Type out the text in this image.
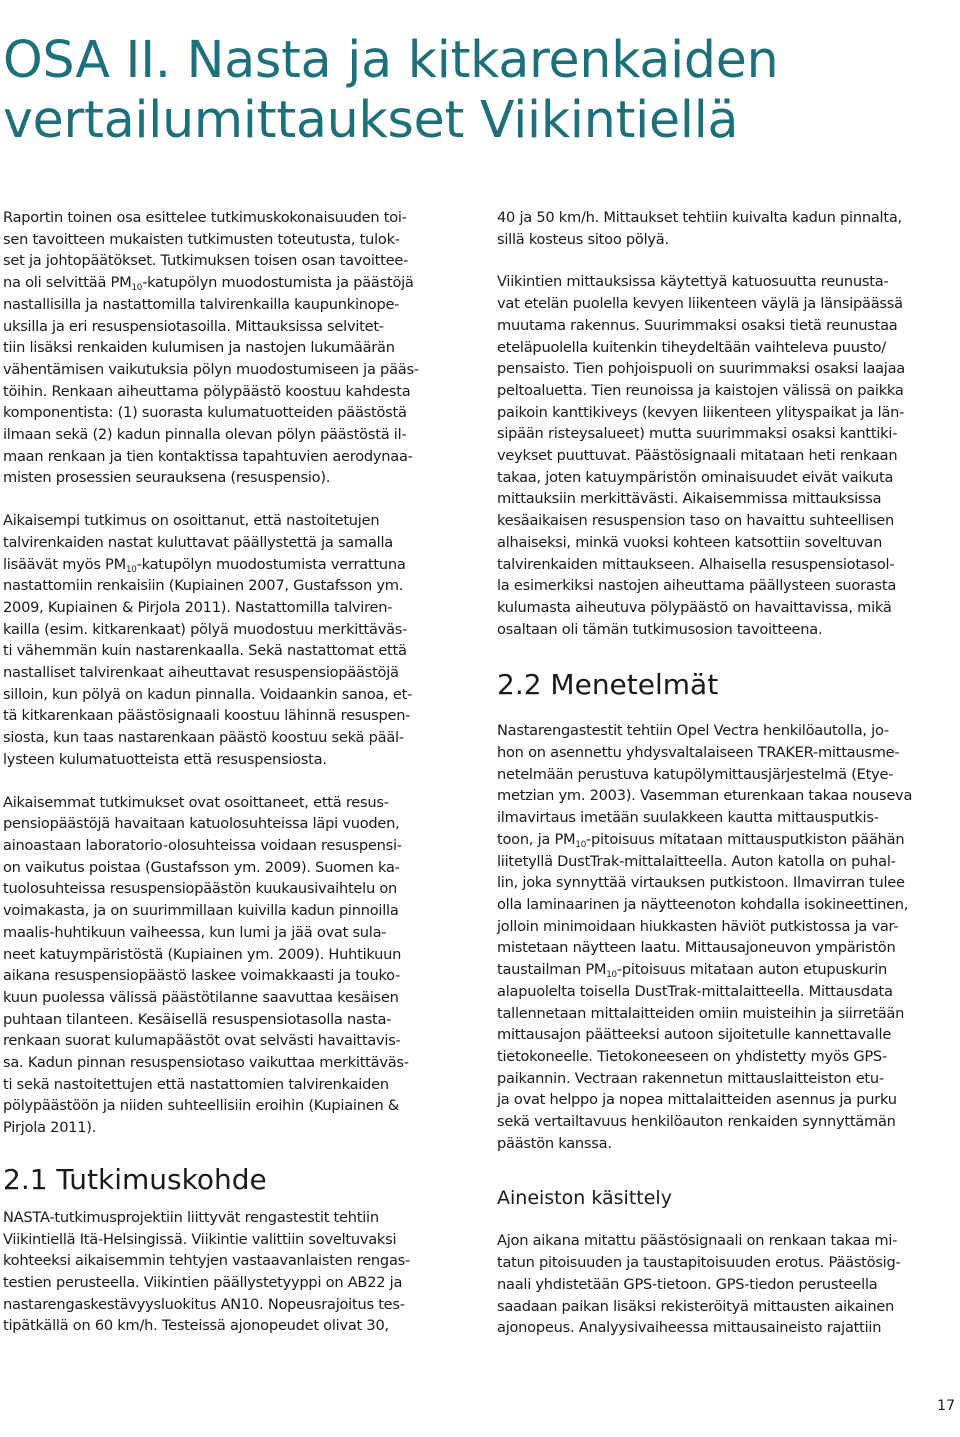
OSA II. Nasta ja kitkarenkaiden
vertailumittaukset Viikintiellä

Raportin toinen osa esittelee tutkimuskokonaisuuden toi-
sen tavoitteen mukaisten tutkimusten toteutusta, tulok-
set ja johtopäätökset. Tutkimuksen toisen osan tavoittee-
na oli selvittää $PM_{10}$-katupölyn muodostumista ja päästöjä
nastallisilla ja nastattomilla talvirenkailla kaupunkinope-
uksilla ja eri resuspensiotasoilla. Mittauksissa selvitet-
tiin lisäksi renkaiden kulumisen ja nastojen lukumäärän
vähentämisen vaikutuksia pölyn muodostumiseen ja pääs-
töihin. Renkaan aiheuttama pölypäästö koostuu kahdesta
komponentista: (1) suorasta kulumatuotteiden päästöstä
ilmaan sekä (2) kadun pinnalla olevan pölyn päästöstä il-
maan renkaan ja tien kontaktissa tapahtuvien aerodynaa-
misten prosessien seurauksena (resuspensio).

Aikaisempi tutkimus on osoittanut, että nastoitetujen
talvirenkaiden nastat kuluttavat päällystettä ja samalla
lisäävät myös $PM_{10}$-katupölyn muodostumista verrattuna
nastattomiin renkaisiin (Kupiainen 2007, Gustafsson ym.
2009, Kupiainen & Pirjola 2011). Nastattomilla talviren-
kailla (esim. kitkarenkaat) pölyä muodostuu merkittäväs-
ti vähemmän kuin nastarenkaalla. Sekä nastattomat että
nastalliset talvirenkaat aiheuttavat resuspensiopäästöjä
silloin, kun pölyä on kadun pinnalla. Voidaankin sanoa, et-
tä kitkarenkaan päästösignaali koostuu lähinnä resuspen-
siosta, kun taas nastarenkaan päästö koostuu sekä pääl-
lysteen kulumatuotteista että resuspensiosta.

Aikaisemmat tutkimukset ovat osoittaneet, että resus-
pensiopäästöjä havaitaan katuolosuhteissa läpi vuoden,
ainoastaan laboratorio-olosuhteissa voidaan resuspensi-
on vaikutus poistaa (Gustafsson ym. 2009). Suomen ka-
tuolosuhteissa resuspensiopäästön kuukausivaihtelu on
voimakasta, ja on suurimmillaan kuivilla kadun pinnoilla
maalis-huhtikuun vaiheessa, kun lumi ja jää ovat sula-
neet katuympäristöstä (Kupiainen ym. 2009). Huhtikuun
aikana resuspensiopäästö laskee voimakkaasti ja touko-
kuun puolessa välissä päästötilanne saavuttaa kesäisen
puhtaan tilanteen. Kesäisellä resuspensiotasolla nasta-
renkaan suorat kulumapäästöt ovat selvästi havaittavis-
sa. Kadun pinnan resuspensiotaso vaikuttaa merkittäväs-
ti sekä nastoitettujen että nastattomien talvirenkaiden
pölypäästöön ja niiden suhteellisiin eroihin (Kupiainen &
Pirjola 2011).

2.1 Tutkimuskohde

NASTA-tutkimusprojektiin liittyvät rengastestit tehtiin
Viikintiellä Itä-Helsingissä. Viikintie valittiin soveltuvaksi
kohteeksi aikaisemmin tehtyjen vastaavanlaisten rengas-
testien perusteella. Viikintien päällystetyyppi on AB22 ja
nastarengaskestävyysluokitus AN10. Nopeusrajoitus tes-
tipätkällä on 60 km/h. Testeissä ajonopeudet olivat 30,

40 ja 50 km/h. Mittaukset tehtiin kuivalta kadun pinnalta,
sillä kosteus sitoo pölyä.

Viikintien mittauksissa käytettyä katuosuutta reunusta-
vat etelän puolella kevyen liikenteen väylä ja länsipäässä
muutama rakennus. Suurimmaksi osaksi tietä reunustaa
eteläpuolella kuitenkin tiheydeltään vaihteleva puusto/
pensaisto. Tien pohjoispuoli on suurimmaksi osaksi laajaa
peltoaluetta. Tien reunoissa ja kaistojen välissä on paikka
paikoin kanttikiveys (kevyen liikenteen ylityspaikat ja län-
sipään risteysalueet) mutta suurimmaksi osaksi kanttiki-
veykset puuttuvat. Päästösignaali mitataan heti renkaan
takaa, joten katuympäristön ominaisuudet eivät vaikuta
mittauksiin merkittävästi. Aikaisemmissa mittauksissa
kesäaikaisen resuspension taso on havaittu suhteellisen
alhaiseksi, minkä vuoksi kohteen katsottiin soveltuvan
talvirenkaiden mittaukseen. Alhaisella resuspensiotasol-
la esimerkiksi nastojen aiheuttama päällysteen suorasta
kulumasta aiheutuva pölypäästö on havaittavissa, mikä
osaltaan oli tämän tutkimusosion tavoitteena.

2.2 Menetelmät

Nastarengastestit tehtiin Opel Vectra henkilöautolla, jo-
hon on asennettu yhdysvaltalaiseen TRAKER-mittausme-
netelmään perustuva katupölymittausjärjestelmä (Etye-
metzian ym. 2003). Vasemman eturenkaan takaa nouseva
ilmavirtaus imetään suulakkeen kautta mittausputkis-
toon, ja $PM_{10}$-pitoisuus mitataan mittausputkiston päähän
liitetyllä DustTrak-mittalaitteella. Auton katolla on puhal-
lin, joka synnyttää virtauksen putkistoon. Ilmavirran tulee
olla laminaarinen ja näytteenoton kohdalla isokineettinen,
jolloin minimoidaan hiukkasten häviöt putkistossa ja var-
mistetaan näytteen laatu. Mittausajoneuvon ympäristön
taustailman $PM_{10}$-pitoisuus mitataan auton etupuskurin
alapuolelta toisella DustTrak-mittalaitteella. Mittausdata
tallennetaan mittalaitteiden omiin muisteihin ja siirretään
mittausajon päätteeksi autoon sijoitetulle kannettavalle
tietokoneelle. Tietokoneeseen on yhdistetty myös GPS-
paikannin. Vectraan rakennetun mittauslaitteiston etu-
ja ovat helppo ja nopea mittalaitteiden asennus ja purku
sekä vertailtavuus henkilöauton renkaiden synnyttämän
päästön kanssa.

Aineiston käsittely

Ajon aikana mitattu päästösignaali on renkaan takaa mi-
tatun pitoisuuden ja taustapitoisuuden erotus. Päästösig-
naali yhdistetään GPS-tietoon. GPS-tiedon perusteella
saadaan paikan lisäksi rekisteröityä mittausten aikainen
ajonopeus. Analyysivaiheessa mittausaineisto rajattiin

17
